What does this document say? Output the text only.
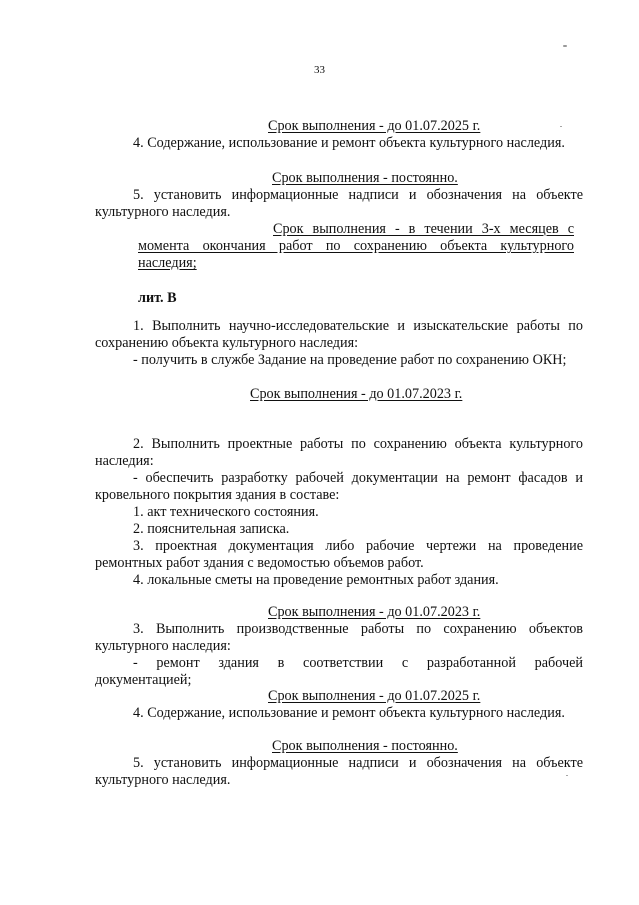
33
Срок выполнения - до 01.07.2025 г.
4. Содержание, использование и ремонт объекта культурного наследия.
Срок выполнения - постоянно.
5. установить информационные надписи и обозначения на объекте
культурного наследия.
Срок выполнения - в течении 3-х месяцев с
момента окончания работ по сохранению объекта культурного
наследия;
лит. В
1. Выполнить научно-исследовательские и изыскательские работы по
сохранению объекта культурного наследия:
- получить в службе Задание на проведение работ по сохранению ОКН;
Срок выполнения - до 01.07.2023 г.
2. Выполнить проектные работы по сохранению объекта культурного
наследия:
- обеспечить разработку рабочей документации на ремонт фасадов и
кровельного покрытия здания в составе:
1. акт технического состояния.
2. пояснительная записка.
3. проектная документация либо рабочие чертежи на проведение
ремонтных работ здания с ведомостью объемов работ.
4. локальные сметы на проведение ремонтных работ здания.
Срок выполнения - до 01.07.2023 г.
3. Выполнить производственные работы по сохранению объектов
культурного наследия:
- ремонт здания в соответствии с разработанной рабочей
документацией;
Срок выполнения - до 01.07.2025 г.
4. Содержание, использование и ремонт объекта культурного наследия.
Срок выполнения - постоянно.
5. установить информационные надписи и обозначения на объекте
культурного наследия.
